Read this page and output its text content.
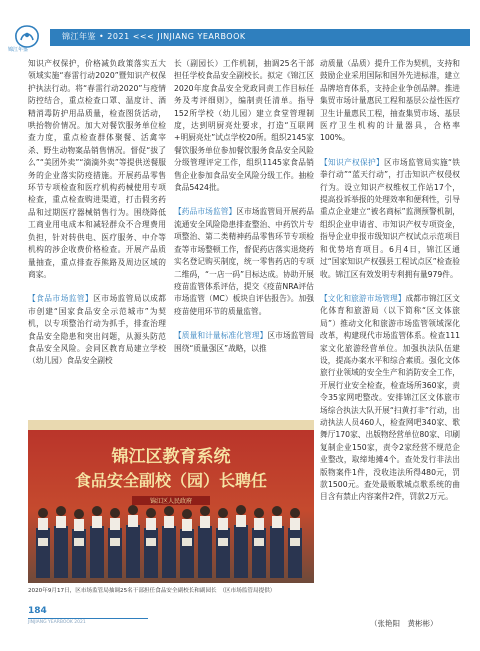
锦江年鉴
锦江年鉴 • 2021 <<< JINJIANG YEARBOOK

知识产权保护，价格减负政策落实五大领域实施“春雷行动2020”暨知识产权保护执法行动。将“春雷行动2020”与疫情防控结合，重点检查口罩、温度计、酒精消毒防护用品质量，检查图货活动，哄抬物价情况。加大对餐饮服务单位检查力度，重点检查群体聚餐、活禽宰杀、野生动物案品销售情况。督促“拔了么”“美团外卖”“滴滴外卖”等提供送餐服务的企业落实防疫措施。开展药品零售环节专项检查和医疗机构药械使用专项检查，重点检查购进渠道，打击假劣药品和过期医疗器械销售行为。围绕降低工商业用电成本和减轻群众不合理费用负担，针对转供电、医疗服务、中介等机构的涉企收费价格检查。开展产品质量抽查，重点排查吞熊路及周边区域的商家。

【食品市场监管】区市场监管局以成都市创建“国家食品安全示范城市”为契机，以专项整治行动为抓手，排查治理食品安全隐患和突出问题，从源头防范食品安全风险。会同区教育局建立学校（幼儿园）食品安全副校

长（副园长）工作机制，抽调25名干部担任学校食品安全副校长。拟定《锦江区2020年度食品安全党政同责工作目标任务及考评细则》，编制责任清单。指导152所学校（幼儿园）建立食堂管理制度，达到明厨亮灶要求，打造“互联网+明厨亮灶”试点学校20所。组织2145家餐饮服务单位参加餐饮服务食品安全风险分级管理评定工作，组织1145家食品销售企业参加食品安全风险分级工作。抽检食品5424批。

【药品市场监管】区市场监管局开展药品流通安全风险隐患排查整治、中药饮片专项整治、第二类精神药品零售环节专项检查等市场整顿工作，督促药店落实退烧药实名登记购买制度，统一零售药店的专项二维码，“一店一码”目标达成。协助开展疫苗监管体系评估，提交《疫苗NRA评估市场监管（MC）板块自评估报告》。加强疫苗使用环节的质量监管。

【质量和计量标准化管理】区市场监管局围绕“质量强区”战略，以推

动质量（品质）提升工作为契机，支持和鼓励企业采用国际和国外先进标准，建立品牌培育体系，支持企业争创品牌。推进集贸市场计量惠民工程和基层公益性医疗卫生计量惠民工程，抽查集贸市场、基层医疗卫生机构的计量器具，合格率100%。

【知识产权保护】区市场监管局实施“铁拳行动”“蓝天行动”，打击知识产权侵权行为。设立知识产权维权工作站17个，提高投诉举报的处理效率和便利性，引导重点企业建立“被名商标”监测预警机制，组织企业申请省、市知识产权专项资金，指导企业申报市级知识产权试点示范项目和优势培育项目。6月4日，锦江区通过“国家知识产权强县工程试点区”检查验收。锦江区有效发明专利拥有量979件。

【文化和旅游市场管理】成都市锦江区文化体育和旅游局（以下简称“区文体旅局”）推动文化和旅游市场监管领域深化改革，构建现代市场监管体系。检查111家文化旅游经营单位。加强执法队伍建设，提高办案水平和综合素质。强化文体旅行业领域的安全生产和消防安全工作，开展行业安全检查，检查场所360家，责令35家网吧整改。安排锦江区文体旅市场综合执法大队开展“扫黄打非”行动，出动执法人员460人，检查网吧340家、歌舞厅170家、出版物经营单位80家、印刷复制企业150家，责令2家经营不规范企业整改，取缔地摊4个。查处发行非法出版物案件1件，没收违法所得480元，罚款1500元。查处最贩歌城点歌系统的曲目含有禁止内容案件2件，罚款2万元。

锦江区教育系统
食品安全副校（园）长聘任
锦江区人民政府
2020年9月17日，区市场监管局抽调25名干部担任食品安全副校长和副园长　（区市场监管局提供）
184
JINJIANG YEARBOOK 2021	（张艳阳　黄彬彬）
